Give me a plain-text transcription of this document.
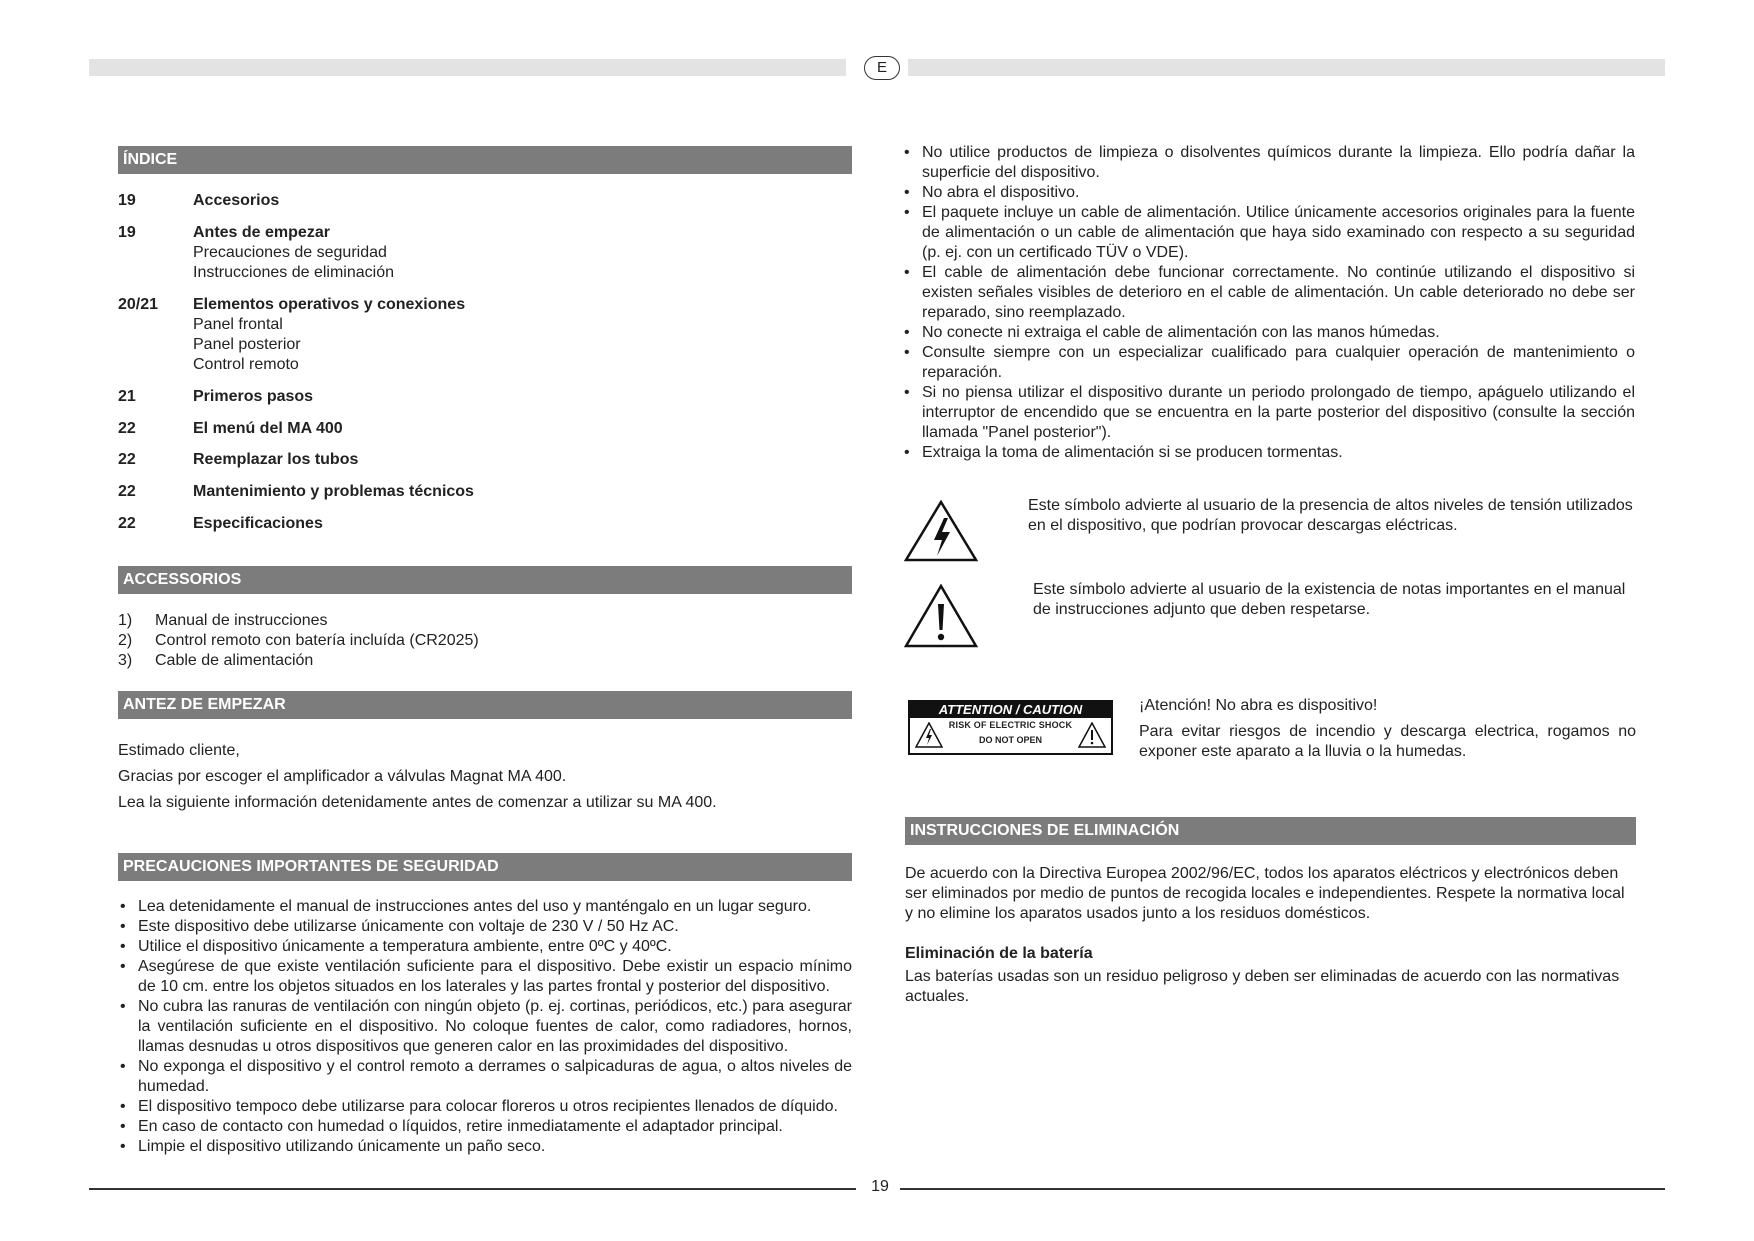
E
ÍNDICE
19	Accesorios
19	Antes de empezar
Precauciones de seguridad
Instrucciones de eliminación
20/21 Elementos operativos y conexiones
Panel frontal
Panel posterior
Control remoto
21	Primeros pasos
22	El menú del MA 400
22	Reemplazar los tubos
22	Mantenimiento y problemas técnicos
22	Especificaciones
ACCESSORIOS
1) Manual de instrucciones
2) Control remoto con batería incluída (CR2025)
3) Cable de alimentación
ANTEZ DE EMPEZAR
Estimado cliente,
Gracias por escoger el amplificador a válvulas Magnat MA 400.
Lea la siguiente información detenidamente antes de comenzar a utilizar su MA 400.
PRECAUCIONES IMPORTANTES DE SEGURIDAD
• Lea detenidamente el manual de instrucciones antes del uso y manténgalo en un lugar seguro.
• Este dispositivo debe utilizarse únicamente con voltaje de 230 V / 50 Hz AC.
• Utilice el dispositivo únicamente a temperatura ambiente, entre 0ºC y 40ºC.
• Asegúrese de que existe ventilación suficiente para el dispositivo. Debe existir un espacio mínimo de 10 cm. entre los objetos situados en los laterales y las partes frontal y posterior del dispositivo.
• No cubra las ranuras de ventilación con ningún objeto (p. ej. cortinas, periódicos, etc.) para asegurar la ventilación suficiente en el dispositivo. No coloque fuentes de calor, como radiadores, hornos, llamas desnudas u otros dispositivos que generen calor en las proximidades del dispositivo.
• No exponga el dispositivo y el control remoto a derrames o salpicaduras de agua, o altos niveles de humedad.
• El dispositivo tempoco debe utilizarse para colocar floreros u otros recipientes llenados de díquido.
• En caso de contacto con humedad o líquidos, retire inmediatamente el adaptador principal.
• Limpie el dispositivo utilizando únicamente un paño seco.
• No utilice productos de limpieza o disolventes químicos durante la limpieza. Ello podría dañar la superficie del dispositivo.
• No abra el dispositivo.
• El paquete incluye un cable de alimentación. Utilice únicamente accesorios originales para la fuente de alimentación o un cable de alimentación que haya sido examinado con respecto a su seguridad (p. ej. con un certificado TÜV o VDE).
• El cable de alimentación debe funcionar correctamente. No continúe utilizando el dispositivo si existen señales visibles de deterioro en el cable de alimentación. Un cable deteriorado no debe ser reparado, sino reemplazado.
• No conecte ni extraiga el cable de alimentación con las manos húmedas.
• Consulte siempre con un especializar cualificado para cualquier operación de mantenimiento o reparación.
• Si no piensa utilizar el dispositivo durante un periodo prolongado de tiempo, apáguelo utilizando el interruptor de encendido que se encuentra en la parte posterior del dispositivo (consulte la sección llamada "Panel posterior").
• Extraiga la toma de alimentación si se producen tormentas.
Este símbolo advierte al usuario de la presencia de altos niveles de tensión utilizados en el dispositivo, que podrían provocar descargas eléctricas.
Este símbolo advierte al usuario de la existencia de notas importantes en el manual de instrucciones adjunto que deben respetarse.
ATTENTION / CAUTION
RISK OF ELECTRIC SHOCK
DO NOT OPEN
¡Atención! No abra es dispositivo!
Para evitar riesgos de incendio y descarga electrica, rogamos no exponer este aparato a la lluvia o la humedas.
INSTRUCCIONES DE ELIMINACIÓN
De acuerdo con la Directiva Europea 2002/96/EC, todos los aparatos eléctricos y electrónicos deben ser eliminados por medio de puntos de recogida locales e independientes. Respete la normativa local y no elimine los aparatos usados junto a los residuos domésticos.
Eliminación de la batería
Las baterías usadas son un residuo peligroso y deben ser eliminadas de acuerdo con las normativas actuales.
19
